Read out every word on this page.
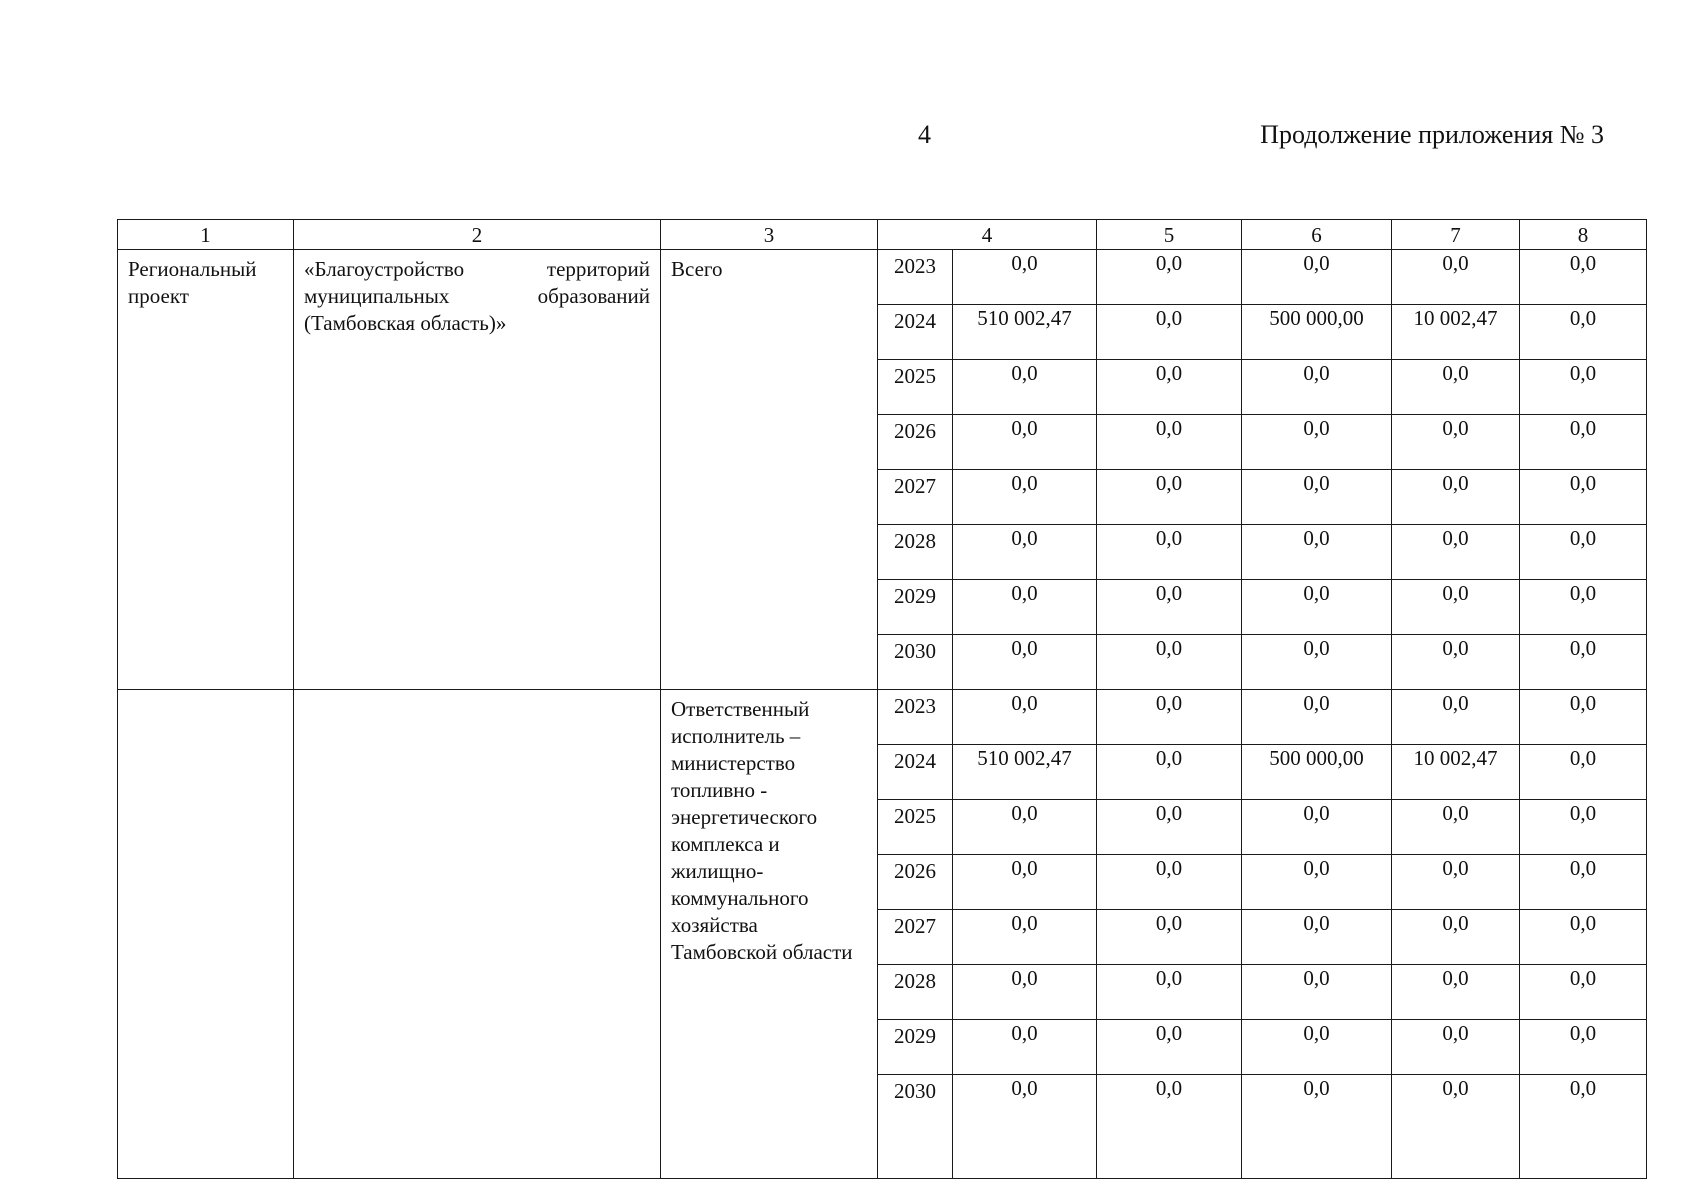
4	Продолжение приложения № 3
1	2	3	4		5	6	7	8
Региональный проект	«Благоустройство территорий муниципальных образований (Тамбовская область)»	Всего	2023	0,0	0,0	0,0	0,0	0,0
			2024	510 002,47	0,0	500 000,00	10 002,47	0,0
			2025	0,0	0,0	0,0	0,0	0,0
			2026	0,0	0,0	0,0	0,0	0,0
			2027	0,0	0,0	0,0	0,0	0,0
			2028	0,0	0,0	0,0	0,0	0,0
			2029	0,0	0,0	0,0	0,0	0,0
			2030	0,0	0,0	0,0	0,0	0,0
		Ответственный исполнитель – министерство топливно - энергетического комплекса и жилищно-коммунального хозяйства Тамбовской области	2023	0,0	0,0	0,0	0,0	0,0
			2024	510 002,47	0,0	500 000,00	10 002,47	0,0
			2025	0,0	0,0	0,0	0,0	0,0
			2026	0,0	0,0	0,0	0,0	0,0
			2027	0,0	0,0	0,0	0,0	0,0
			2028	0,0	0,0	0,0	0,0	0,0
			2029	0,0	0,0	0,0	0,0	0,0
			2030	0,0	0,0	0,0	0,0	0,0
